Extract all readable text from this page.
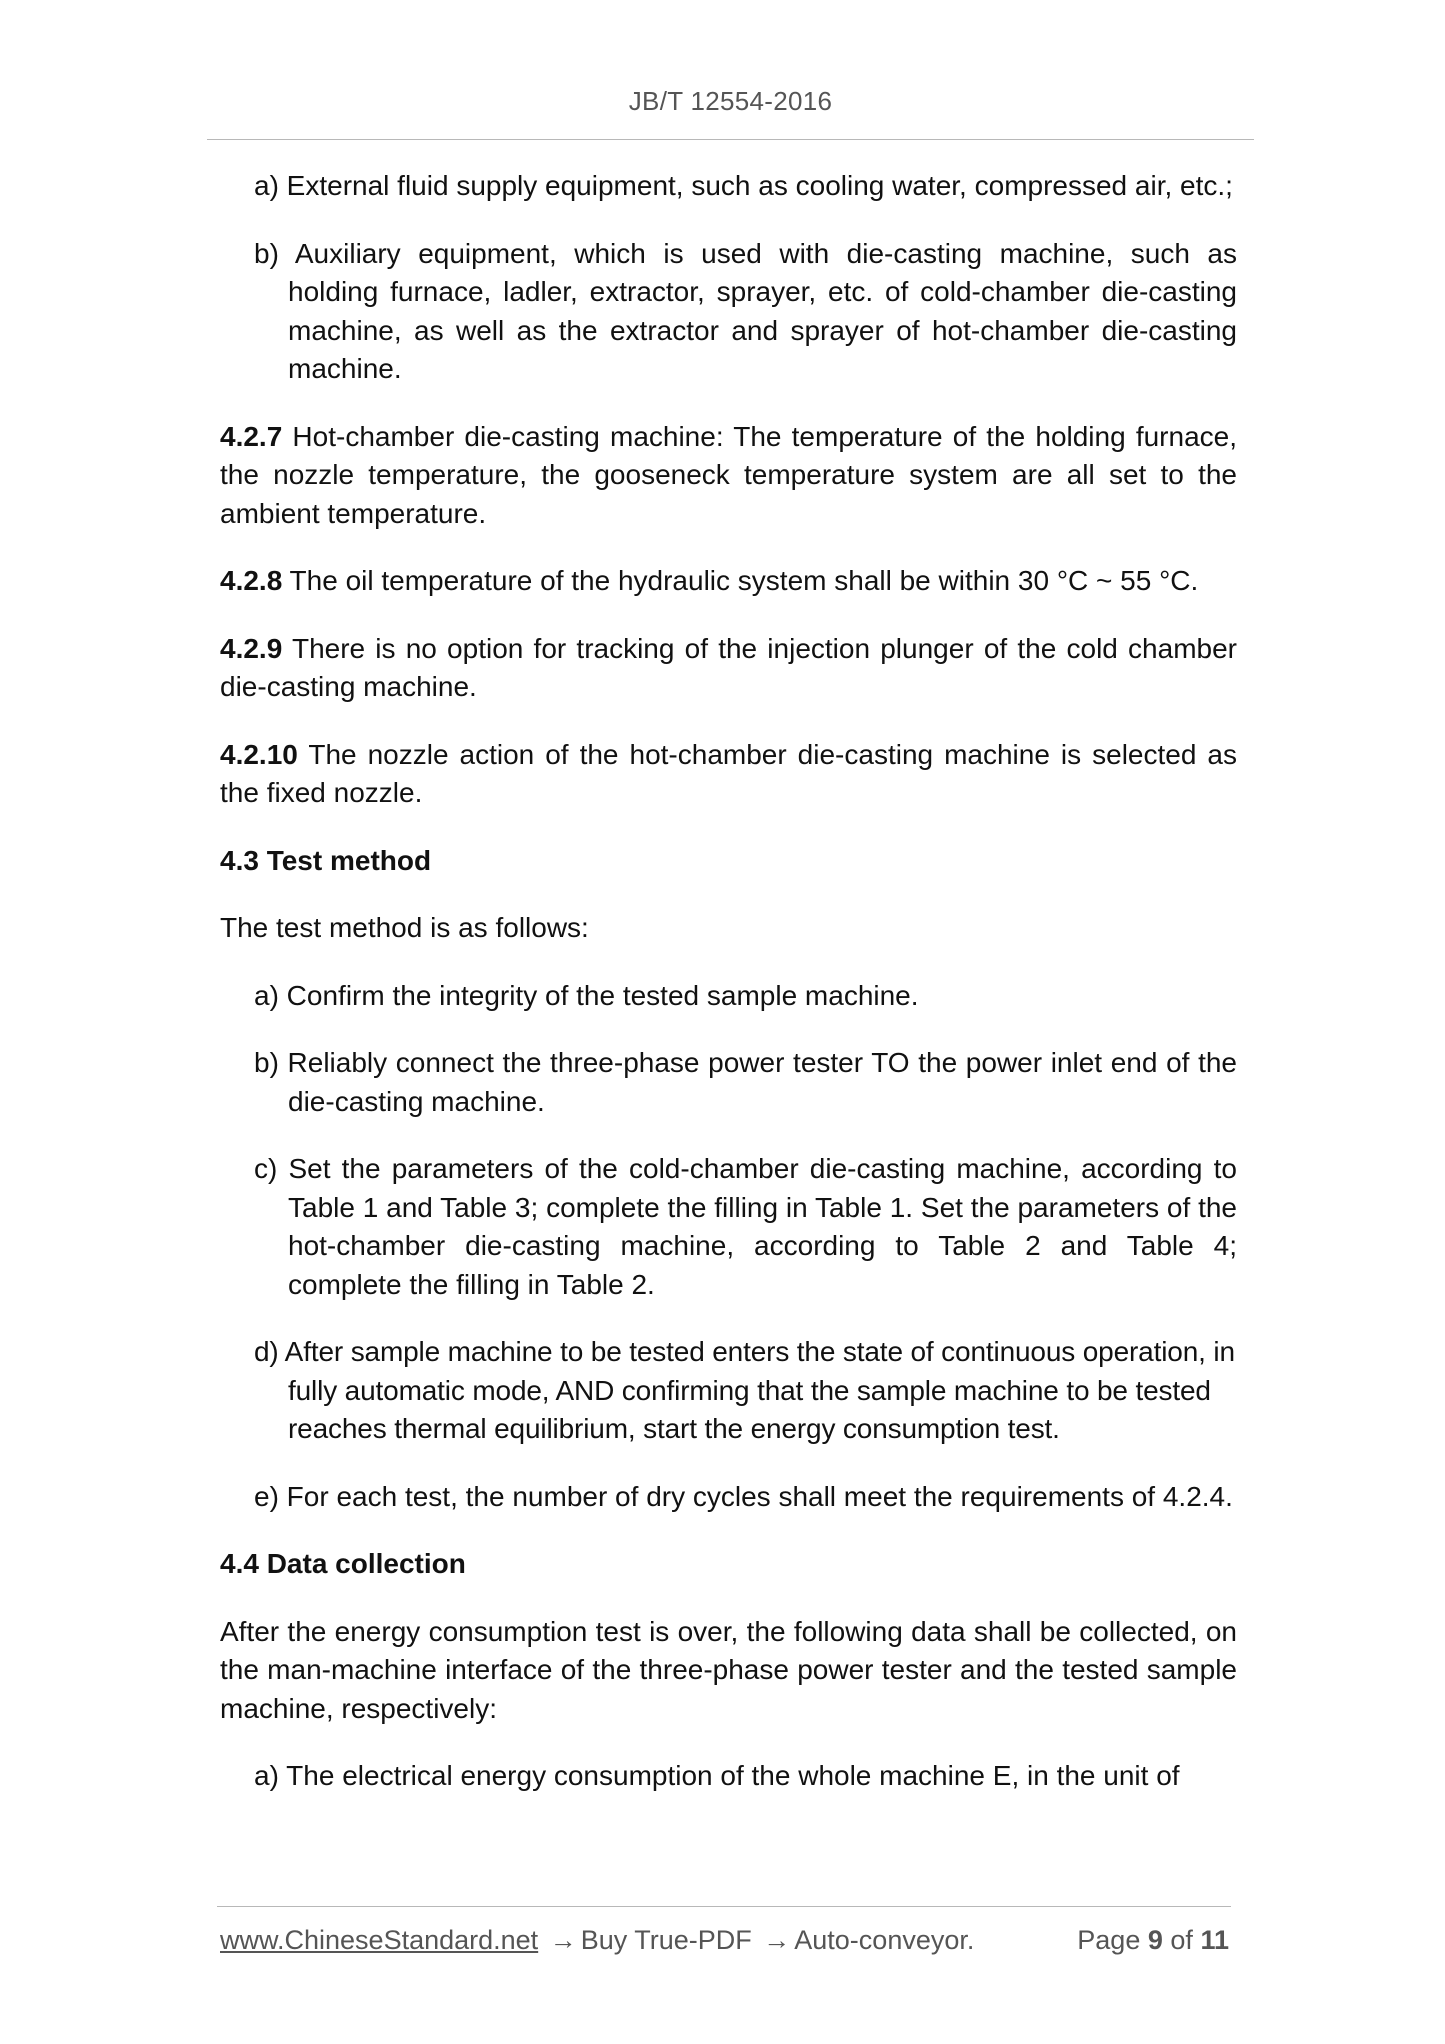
JB/T 12554-2016
a) External fluid supply equipment, such as cooling water, compressed air, etc.;
b) Auxiliary equipment, which is used with die-casting machine, such as holding furnace, ladler, extractor, sprayer, etc. of cold-chamber die-casting machine, as well as the extractor and sprayer of hot-chamber die-casting machine.
4.2.7 Hot-chamber die-casting machine: The temperature of the holding furnace, the nozzle temperature, the gooseneck temperature system are all set to the ambient temperature.
4.2.8 The oil temperature of the hydraulic system shall be within 30 °C ~ 55 °C.
4.2.9 There is no option for tracking of the injection plunger of the cold chamber die-casting machine.
4.2.10 The nozzle action of the hot-chamber die-casting machine is selected as the fixed nozzle.
4.3 Test method
The test method is as follows:
a) Confirm the integrity of the tested sample machine.
b) Reliably connect the three-phase power tester TO the power inlet end of the die-casting machine.
c) Set the parameters of the cold-chamber die-casting machine, according to Table 1 and Table 3; complete the filling in Table 1. Set the parameters of the hot-chamber die-casting machine, according to Table 2 and Table 4; complete the filling in Table 2.
d) After sample machine to be tested enters the state of continuous operation, in fully automatic mode, AND confirming that the sample machine to be tested reaches thermal equilibrium, start the energy consumption test.
e) For each test, the number of dry cycles shall meet the requirements of 4.2.4.
4.4 Data collection
After the energy consumption test is over, the following data shall be collected, on the man-machine interface of the three-phase power tester and the tested sample machine, respectively:
a) The electrical energy consumption of the whole machine E, in the unit of
www.ChineseStandard.net → Buy True-PDF → Auto-conveyor.	Page 9 of 11
